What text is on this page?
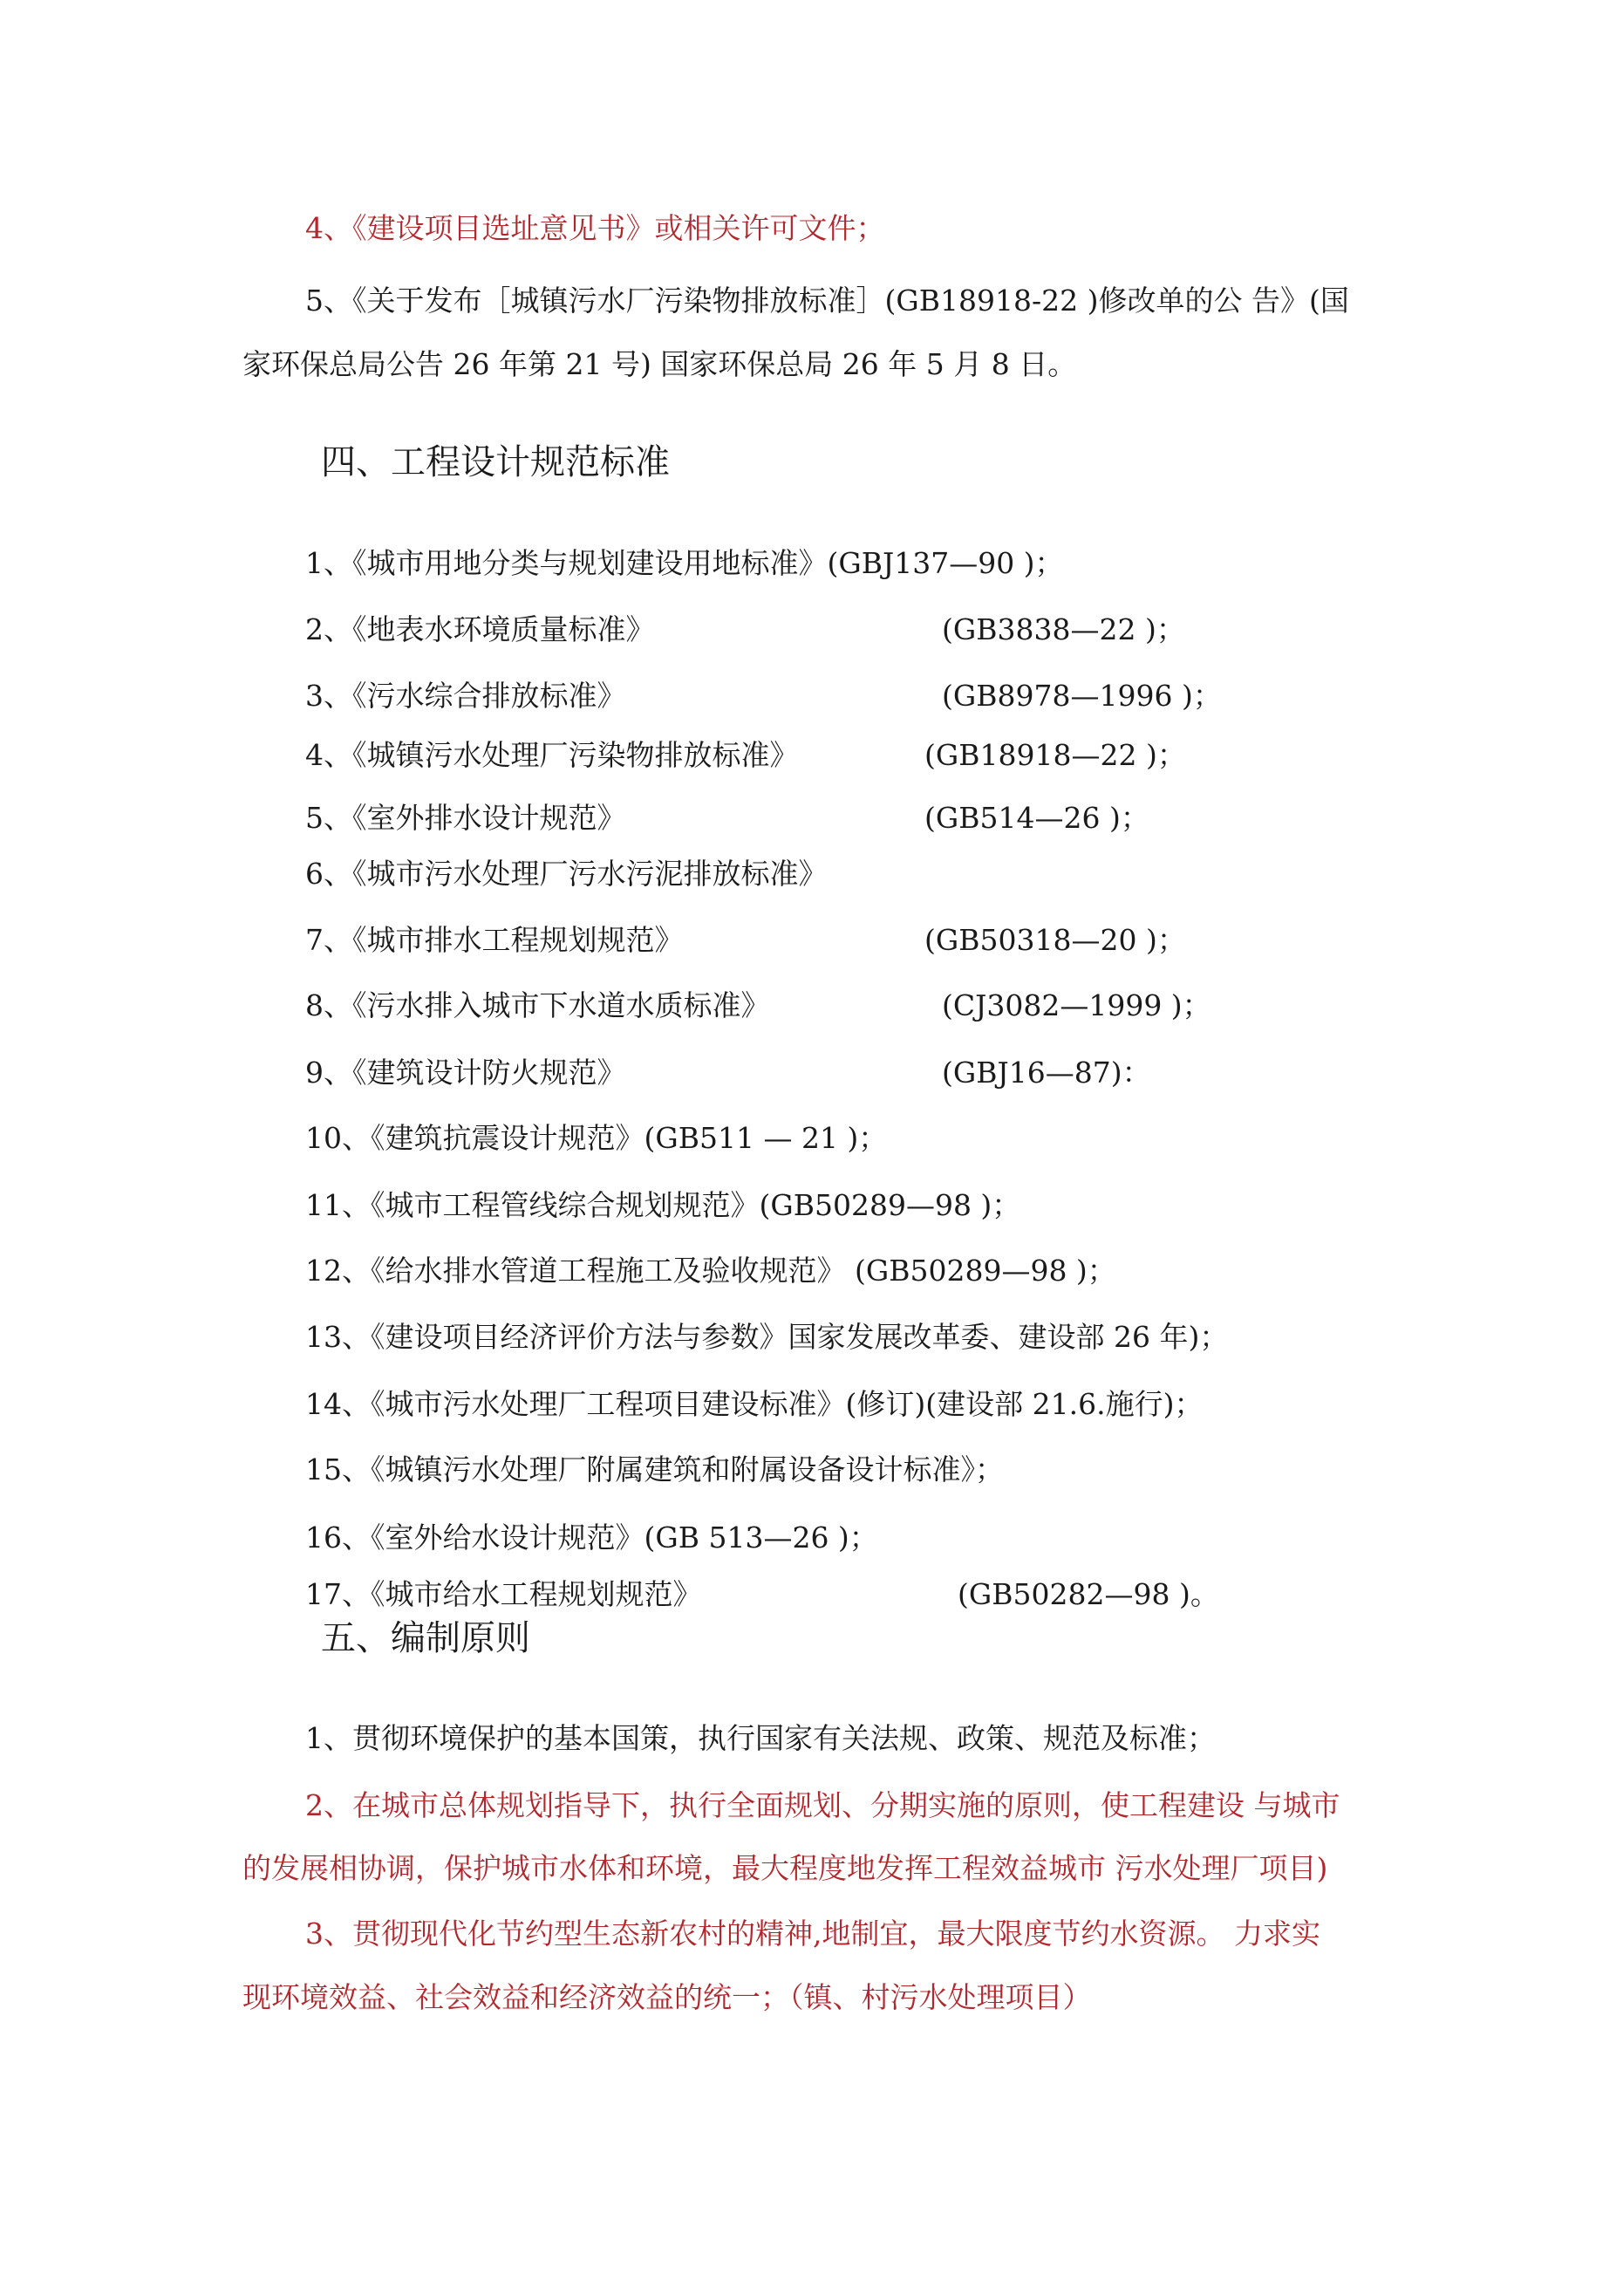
4、《建设项目选址意见书》或相关许可文件；
5、《关于发布［城镇污水厂污染物排放标准］(GB18918-22 )修改单的公 告》(国
家环保总局公告 26 年第 21 号) 国家环保总局 26 年 5 月 8 日。
四、工程设计规范标准
1、《城市用地分类与规划建设用地标准》(GBJ137—90 )；
2、《地表水环境质量标准》	(GB3838—22 )；
3、《污水综合排放标准》	(GB8978—1996 )；
4、《城镇污水处理厂污染物排放标准》	(GB18918—22 )；
5、《室外排水设计规范》	(GB514—26 )；
6、《城市污水处理厂污水污泥排放标准》
7、《城市排水工程规划规范》	(GB50318—20 )；
8、《污水排入城市下水道水质标准》	(CJ3082—1999 )；
9、《建筑设计防火规范》	(GBJ16—87)：
10、《建筑抗震设计规范》(GB511 — 21 )；
11、《城市工程管线综合规划规范》(GB50289—98 )；
12、《给水排水管道工程施工及验收规范》 (GB50289—98 )；
13、《建设项目经济评价方法与参数》国家发展改革委、建设部 26 年)；
14、《城市污水处理厂工程项目建设标准》(修订)(建设部 21.6.施行)；
15、《城镇污水处理厂附属建筑和附属设备设计标准》；
16、《室外给水设计规范》(GB 513—26 )；
17、《城市给水工程规划规范》	(GB50282—98 )。
五、编制原则
1、贯彻环境保护的基本国策，执行国家有关法规、政策、规范及标准；
2、在城市总体规划指导下，执行全面规划、分期实施的原则，使工程建设 与城市
的发展相协调，保护城市水体和环境，最大程度地发挥工程效益城市 污水处理厂项目)
3、贯彻现代化节约型生态新农村的精神,地制宜，最大限度节约水资源。 力求实
现环境效益、社会效益和经济效益的统一；（镇、村污水处理项目）
